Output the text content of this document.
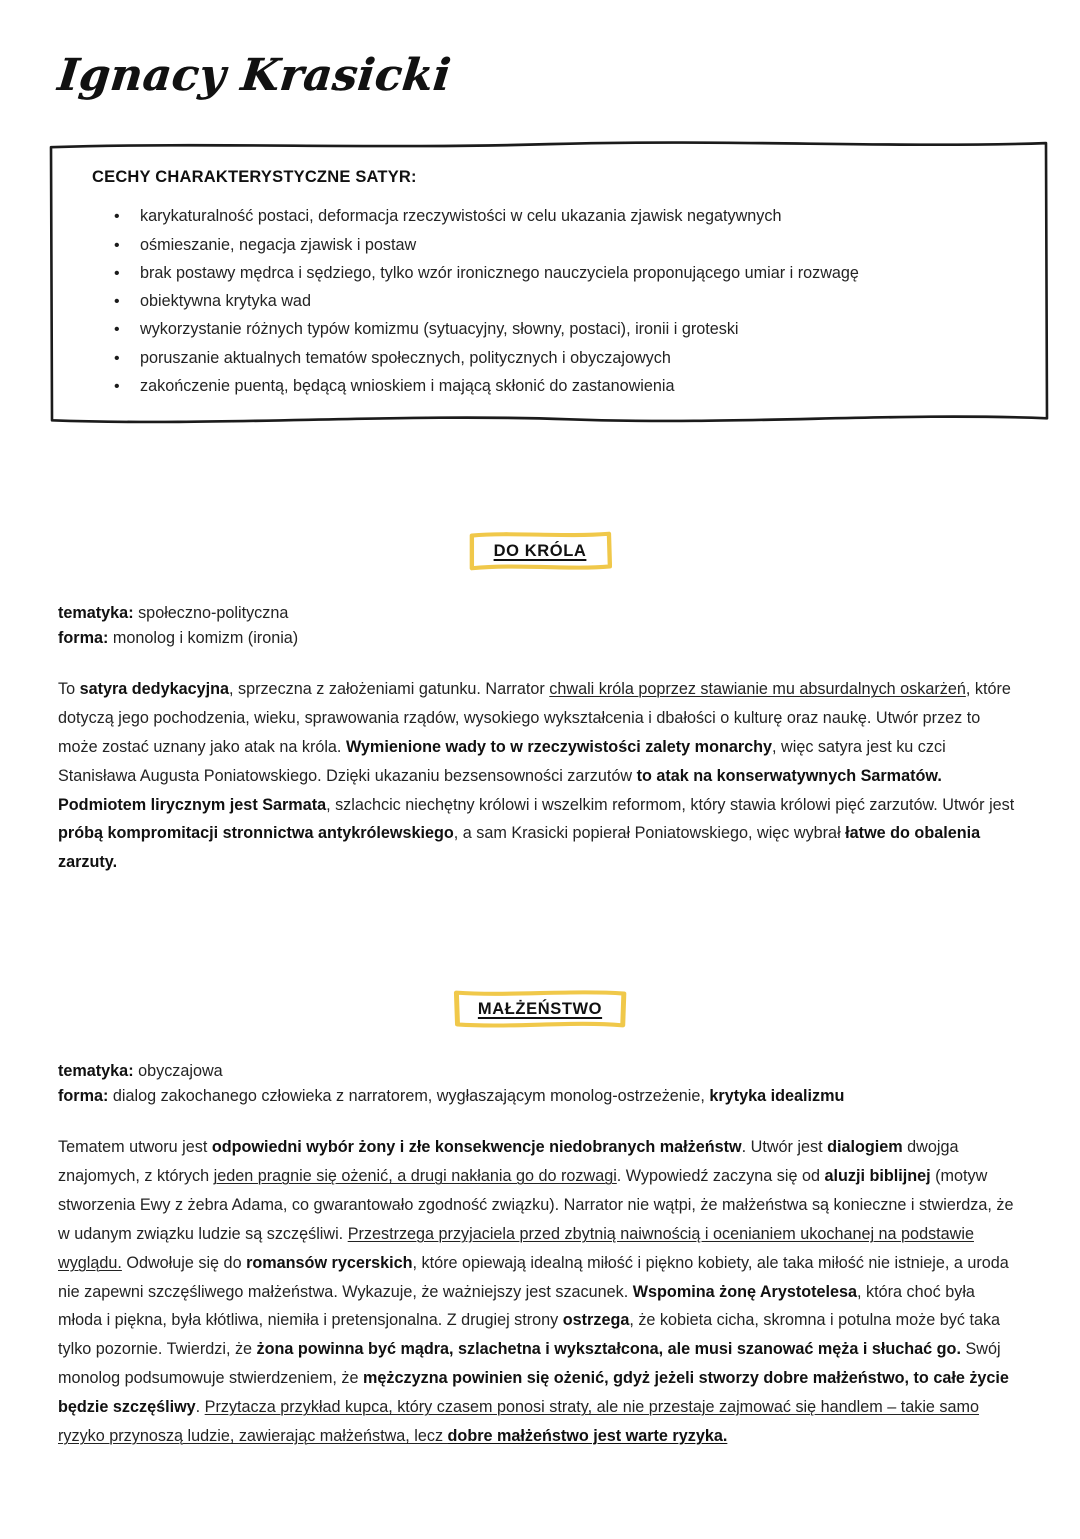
Ignacy Krasicki
CECHY CHARAKTERYSTYCZNE SATYR:
• karykaturalność postaci, deformacja rzeczywistości w celu ukazania zjawisk negatywnych
• ośmieszanie, negacja zjawisk i postaw
• brak postawy mędrca i sędziego, tylko wzór ironicznego nauczyciela proponującego umiar i rozwagę
• obiektywna krytyka wad
• wykorzystanie różnych typów komizmu (sytuacyjny, słowny, postaci), ironii i groteski
• poruszanie aktualnych tematów społecznych, politycznych i obyczajowych
• zakończenie puentą, będącą wnioskiem i mającą skłonić do zastanowienia
DO KRÓLA
tematyka: społeczno-polityczna
forma: monolog i komizm (ironia)

To satyra dedykacyjna, sprzeczna z założeniami gatunku. Narrator chwali króla poprzez stawianie mu absurdalnych oskarżeń, które dotyczą jego pochodzenia, wieku, sprawowania rządów, wysokiego wykształcenia i dbałości o kulturę oraz naukę. Utwór przez to może zostać uznany jako atak na króla. Wymienione wady to w rzeczywistości zalety monarchy, więc satyra jest ku czci Stanisława Augusta Poniatowskiego. Dzięki ukazaniu bezsensowności zarzutów to atak na konserwatywnych Sarmatów. Podmiotem lirycznym jest Sarmata, szlachcic niechętny królowi i wszelkim reformom, który stawia królowi pięć zarzutów. Utwór jest próbą kompromitacji stronnictwa antykrólewskiego, a sam Krasicki popierał Poniatowskiego, więc wybrał łatwe do obalenia zarzuty.

MAŁŻEŃSTWO
tematyka: obyczajowa
forma: dialog zakochanego człowieka z narratorem, wygłaszającym monolog-ostrzeżenie, krytyka idealizmu

Tematem utworu jest odpowiedni wybór żony i złe konsekwencje niedobranych małżeństw. Utwór jest dialogiem dwojga znajomych, z których jeden pragnie się ożenić, a drugi nakłania go do rozwagi. Wypowiedź zaczyna się od aluzji biblijnej (motyw stworzenia Ewy z żebra Adama, co gwarantowało zgodność związku). Narrator nie wątpi, że małżeństwa są konieczne i stwierdza, że w udanym związku ludzie są szczęśliwi. Przestrzega przyjaciela przed zbytnią naiwnością i ocenianiem ukochanej na podstawie wyglądu. Odwołuje się do romansów rycerskich, które opiewają idealną miłość i piękno kobiety, ale taka miłość nie istnieje, a uroda nie zapewni szczęśliwego małżeństwa. Wykazuje, że ważniejszy jest szacunek. Wspomina żonę Arystotelesa, która choć była młoda i piękna, była kłótliwa, niemiła i pretensjonalna. Z drugiej strony ostrzega, że kobieta cicha, skromna i potulna może być taka tylko pozornie. Twierdzi, że żona powinna być mądra, szlachetna i wykształcona, ale musi szanować męża i słuchać go. Swój monolog podsumowuje stwierdzeniem, że mężczyzna powinien się ożenić, gdyż jeżeli stworzy dobre małżeństwo, to całe życie będzie szczęśliwy. Przytacza przykład kupca, który czasem ponosi straty, ale nie przestaje zajmować się handlem – takie samo ryzyko przynoszą ludzie, zawierając małżeństwa, lecz dobre małżeństwo jest warte ryzyka.
